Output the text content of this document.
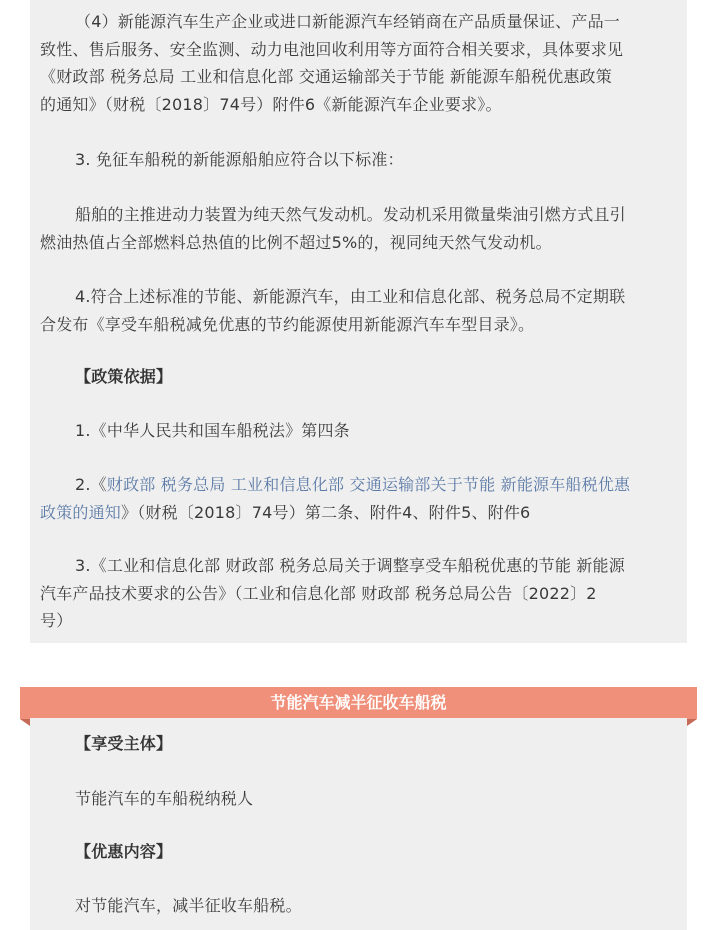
（4）新能源汽车生产企业或进口新能源汽车经销商在产品质量保证、产品一
致性、售后服务、安全监测、动力电池回收利用等方面符合相关要求，具体要求见
《财政部 税务总局 工业和信息化部 交通运输部关于节能 新能源车船税优惠政策
的通知》（财税〔2018〕74号）附件6《新能源汽车企业要求》。

3. 免征车船税的新能源船舶应符合以下标准：

船舶的主推进动力装置为纯天然气发动机。发动机采用微量柴油引燃方式且引
燃油热值占全部燃料总热值的比例不超过5%的，视同纯天然气发动机。

4.符合上述标准的节能、新能源汽车，由工业和信息化部、税务总局不定期联
合发布《享受车船税减免优惠的节约能源使用新能源汽车车型目录》。

【政策依据】

1.《中华人民共和国车船税法》第四条

2.《财政部 税务总局 工业和信息化部 交通运输部关于节能 新能源车船税优惠
政策的通知》（财税〔2018〕74号）第二条、附件4、附件5、附件6

3.《工业和信息化部 财政部 税务总局关于调整享受车船税优惠的节能 新能源
汽车产品技术要求的公告》（工业和信息化部 财政部 税务总局公告〔2022〕2
号）

节能汽车减半征收车船税

【享受主体】

节能汽车的车船税纳税人

【优惠内容】

对节能汽车，减半征收车船税。
